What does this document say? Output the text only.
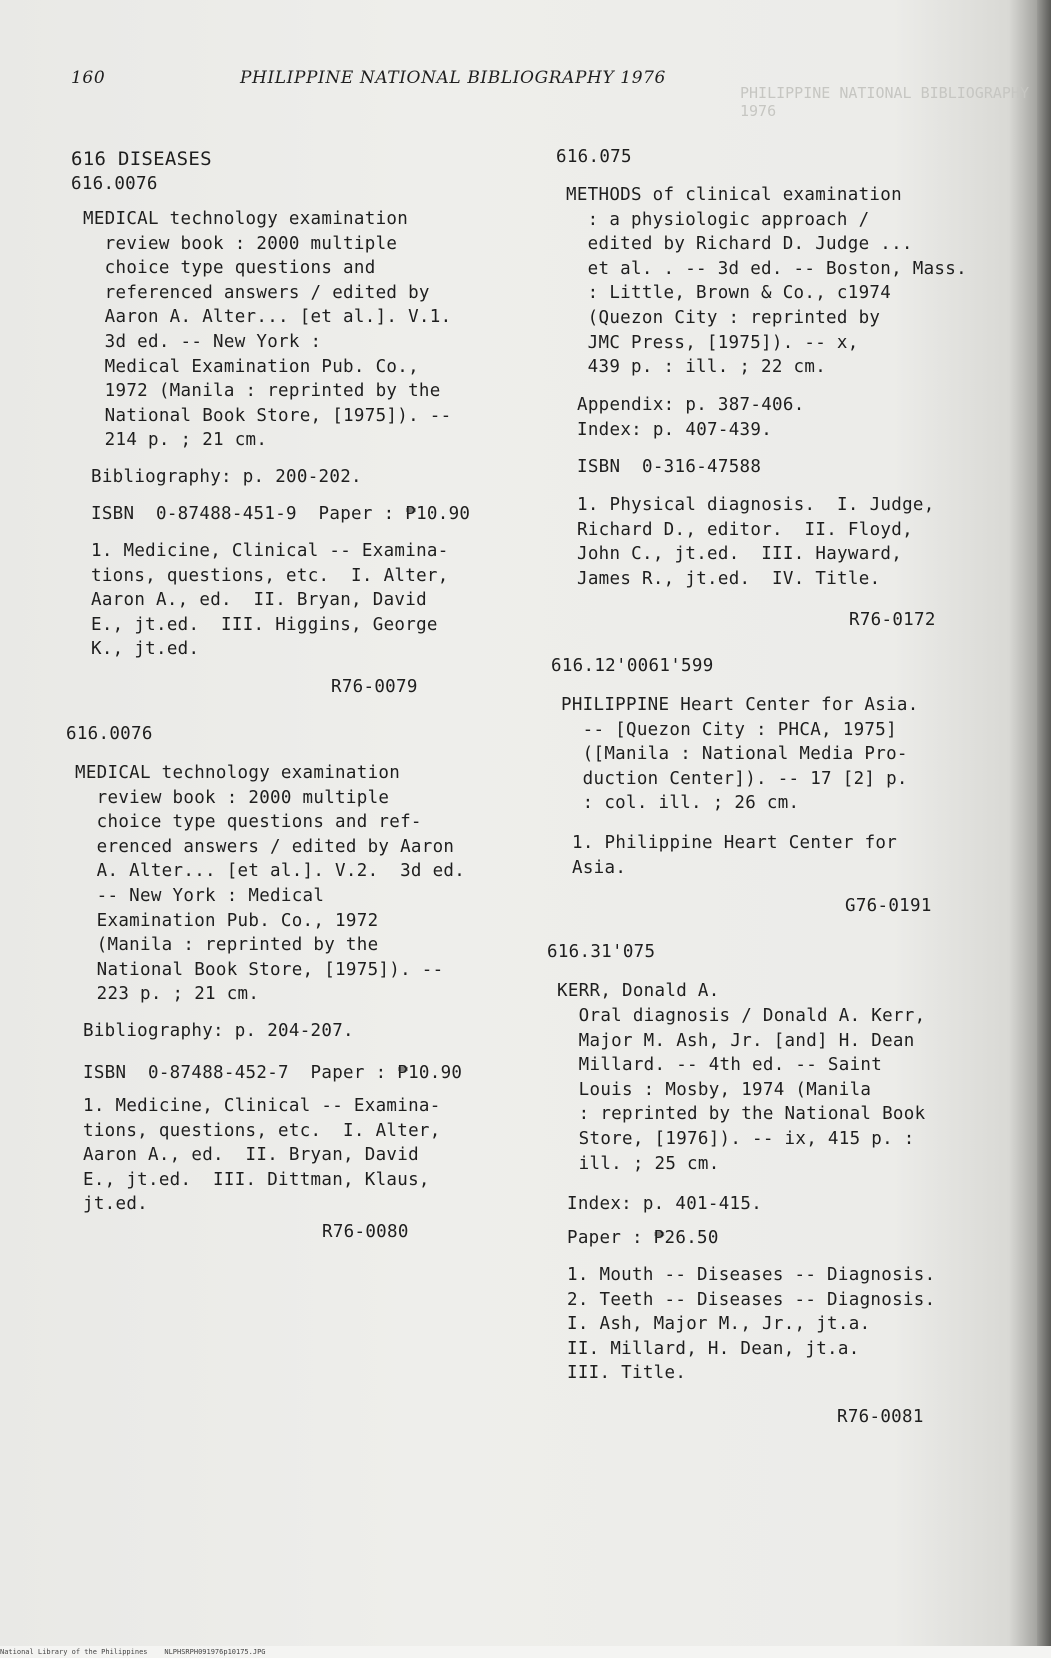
PHILIPPINE NATIONAL BIBLIOGRAPHY 1976
160	PHILIPPINE NATIONAL BIBLIOGRAPHY 1976
616 DISEASES
616.0076
MEDICAL technology examination
review book : 2000 multiple
choice type questions and
referenced answers / edited by
Aaron A. Alter... [et al.]. V.1.
3d ed. -- New York :
Medical Examination Pub. Co.,
1972 (Manila : reprinted by the
National Book Store, [1975]). --
214 p. ; 21 cm.
Bibliography: p. 200-202.
ISBN  0-87488-451-9  Paper : ₱10.90
1. Medicine, Clinical -- Examina-
tions, questions, etc.  I. Alter,
Aaron A., ed.  II. Bryan, David
E., jt.ed.  III. Higgins, George
K., jt.ed.
R76-0079
616.0076
MEDICAL technology examination
review book : 2000 multiple
choice type questions and ref-
erenced answers / edited by Aaron
A. Alter... [et al.]. V.2.  3d ed.
-- New York : Medical
Examination Pub. Co., 1972
(Manila : reprinted by the
National Book Store, [1975]). --
223 p. ; 21 cm.
Bibliography: p. 204-207.
ISBN  0-87488-452-7  Paper : ₱10.90
1. Medicine, Clinical -- Examina-
tions, questions, etc.  I. Alter,
Aaron A., ed.  II. Bryan, David
E., jt.ed.  III. Dittman, Klaus,
jt.ed.
R76-0080
616.075
METHODS of clinical examination
: a physiologic approach /
edited by Richard D. Judge ...
et al. . -- 3d ed. -- Boston, Mass.
: Little, Brown & Co., c1974
(Quezon City : reprinted by
JMC Press, [1975]). -- x,
439 p. : ill. ; 22 cm.
Appendix: p. 387-406.
Index: p. 407-439.
ISBN  0-316-47588
1. Physical diagnosis.  I. Judge,
Richard D., editor.  II. Floyd,
John C., jt.ed.  III. Hayward,
James R., jt.ed.  IV. Title.
R76-0172
616.12'0061'599
PHILIPPINE Heart Center for Asia.
-- [Quezon City : PHCA, 1975]
([Manila : National Media Pro-
duction Center]). -- 17 [2] p.
: col. ill. ; 26 cm.
1. Philippine Heart Center for
Asia.
G76-0191
616.31'075
KERR, Donald A.
Oral diagnosis / Donald A. Kerr,
Major M. Ash, Jr. [and] H. Dean
Millard. -- 4th ed. -- Saint
Louis : Mosby, 1974 (Manila
: reprinted by the National Book
Store, [1976]). -- ix, 415 p. :
ill. ; 25 cm.
Index: p. 401-415.
Paper : ₱26.50
1. Mouth -- Diseases -- Diagnosis.
2. Teeth -- Diseases -- Diagnosis.
I. Ash, Major M., Jr., jt.a.
II. Millard, H. Dean, jt.a.
III. Title.
R76-0081
National Library of the Philippines    NLPHSRPH091976p10175.JPG
